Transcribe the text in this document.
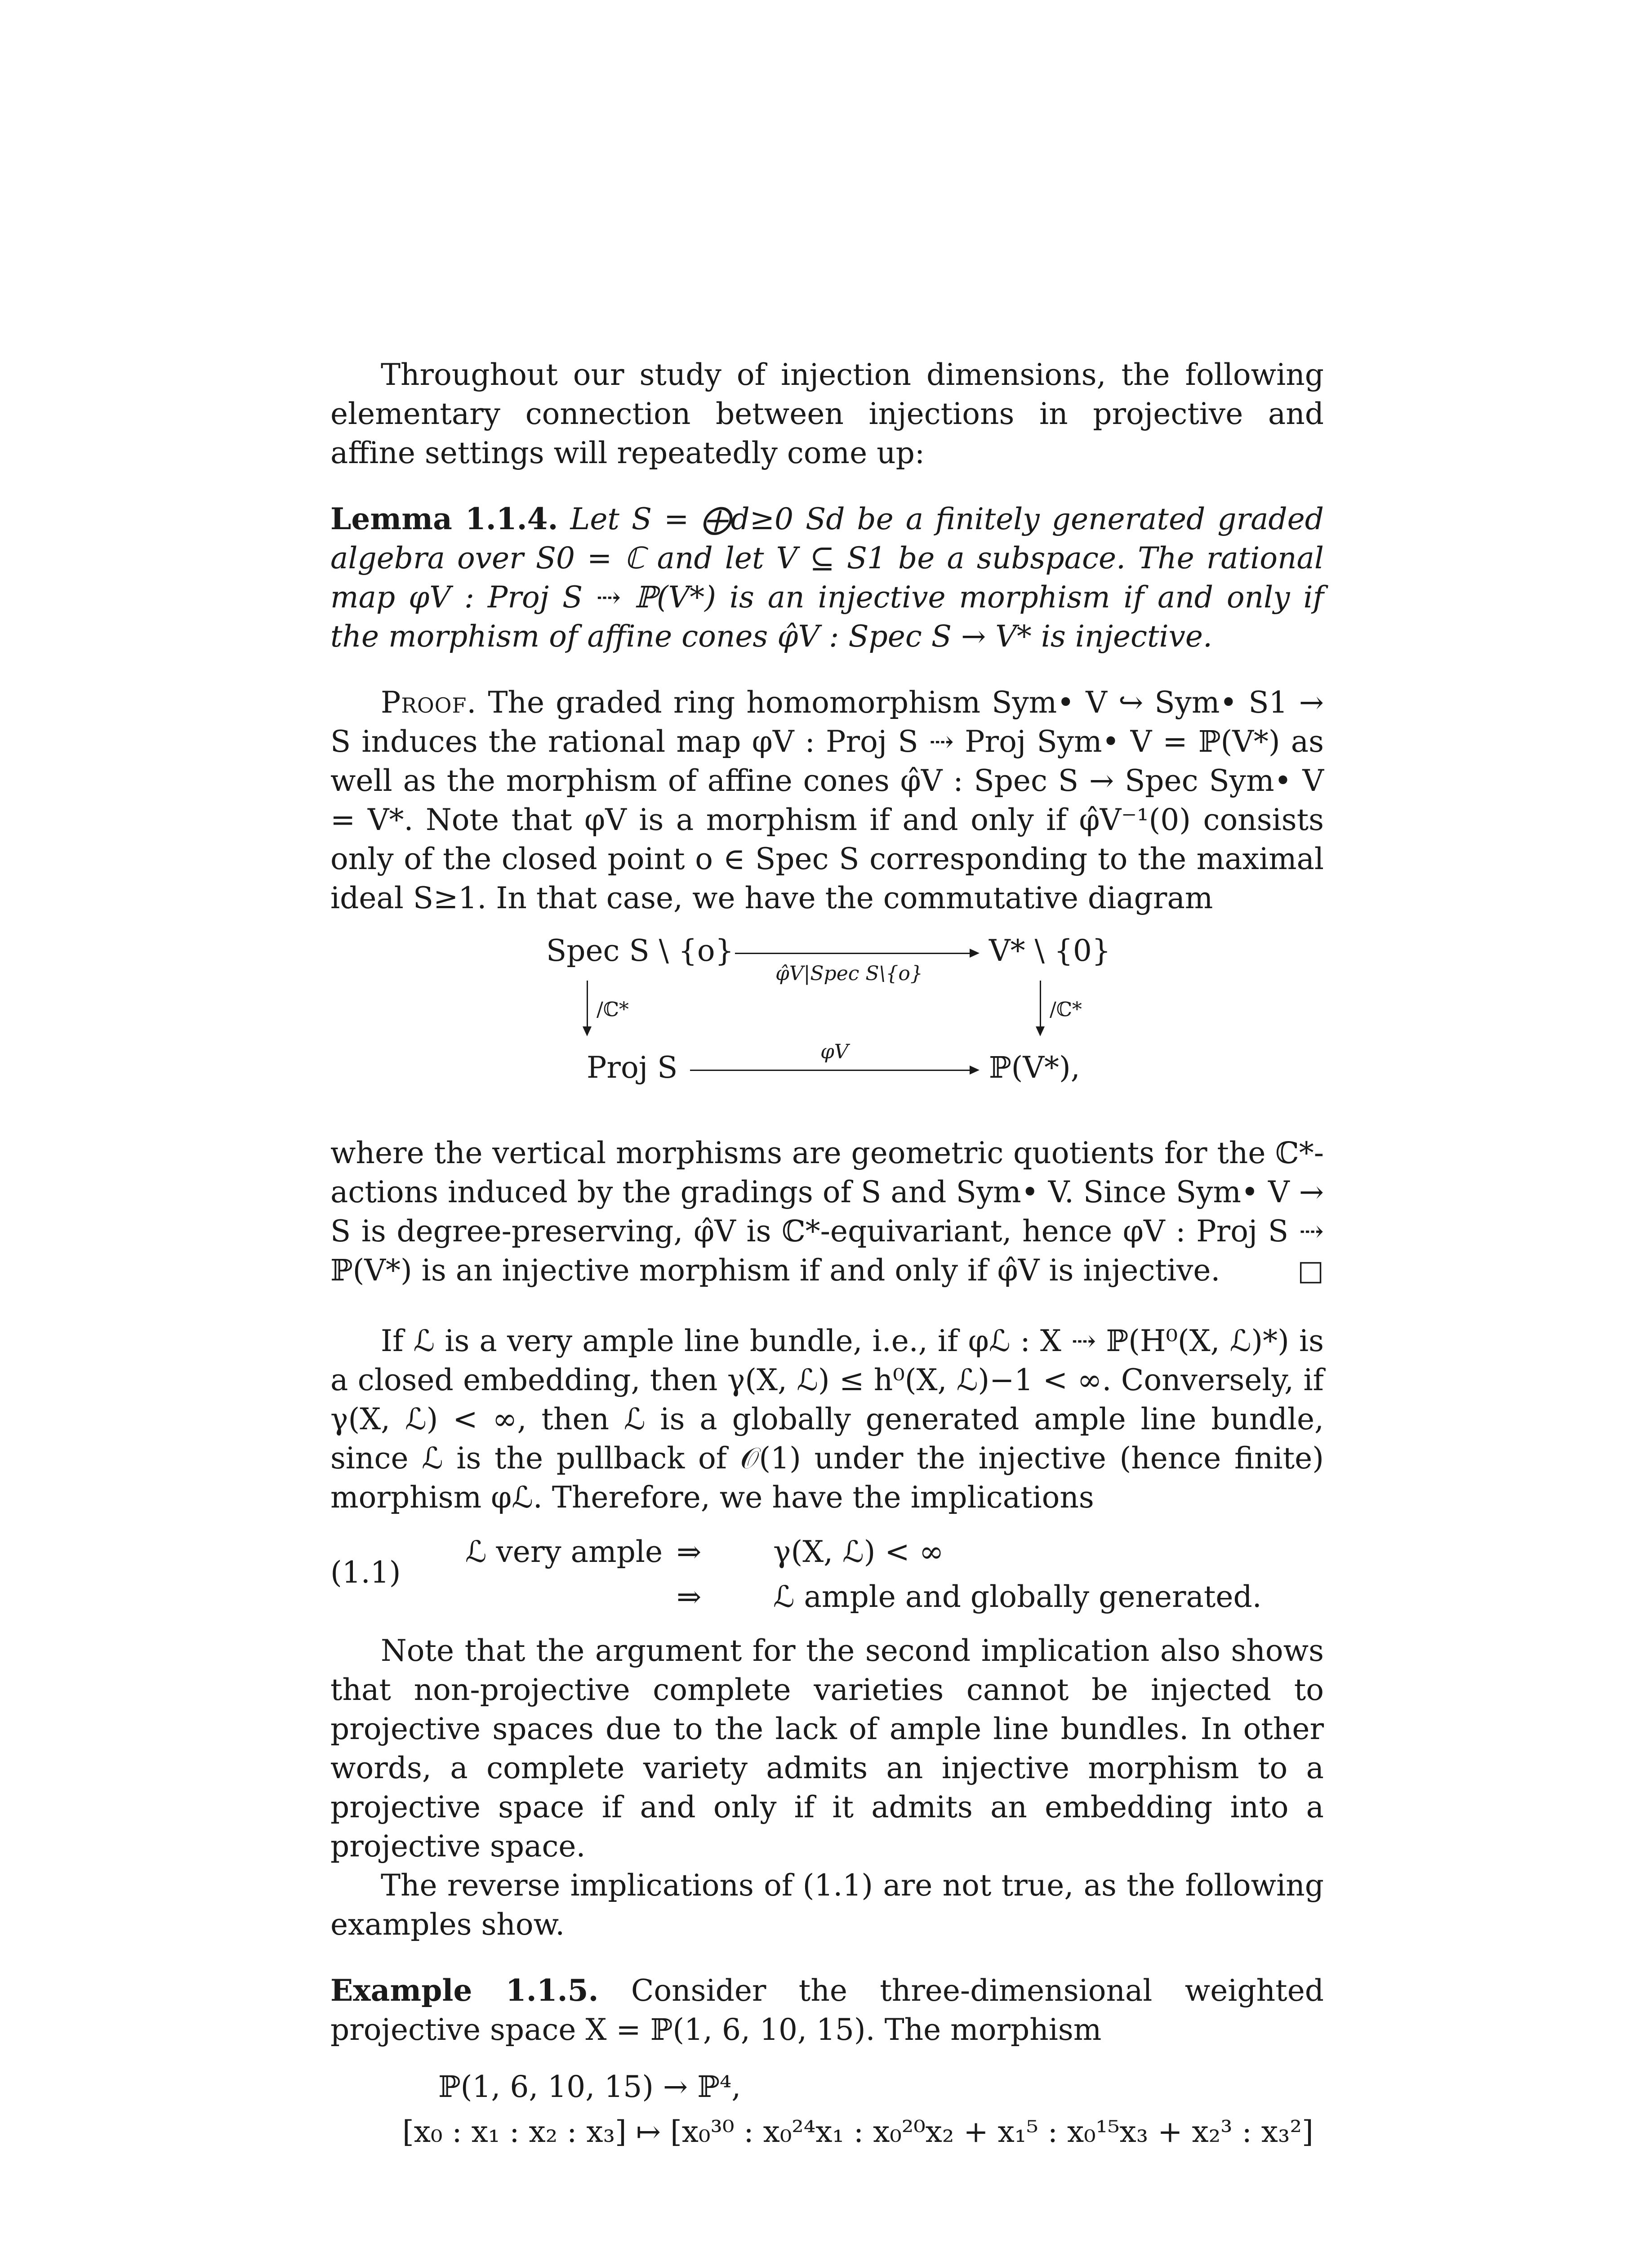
Throughout our study of injection dimensions, the following elementary connection between injections in projective and affine settings will repeatedly come up:

Lemma 1.1.4. Let S = ⨁d≥0 Sd be a finitely generated graded algebra over S0 = ℂ and let V ⊆ S1 be a subspace. The rational map φV : Proj S ⇢ ℙ(V*) is an injective morphism if and only if the morphism of affine cones φ̂V : Spec S → V* is injective.

Proof. The graded ring homomorphism Sym• V ↪ Sym• S1 → S induces the rational map φV : Proj S ⇢ Proj Sym• V = ℙ(V*) as well as the morphism of affine cones φ̂V : Spec S → Spec Sym• V = V*. Note that φV is a morphism if and only if φ̂V⁻¹(0) consists only of the closed point o ∈ Spec S corresponding to the maximal ideal S≥1. In that case, we have the commutative diagram

Spec S \ {o}	V* \ {0}
Proj S	ℙ(V*),
φ̂V|Spec S\{o}
φV
/ℂ*	/ℂ*

where the vertical morphisms are geometric quotients for the ℂ*-actions induced by the gradings of S and Sym• V. Since Sym• V → S is degree-preserving, φ̂V is ℂ*-equivariant, hence φV : Proj S ⇢ ℙ(V*) is an injective morphism if and only if φ̂V is injective.	□

If ℒ is a very ample line bundle, i.e., if φℒ : X ⇢ ℙ(H⁰(X, ℒ)*) is a closed embedding, then γ(X, ℒ) ≤ h⁰(X, ℒ)−1 < ∞. Conversely, if γ(X, ℒ) < ∞, then ℒ is a globally generated ample line bundle, since ℒ is the pullback of 𝒪(1) under the injective (hence finite) morphism φℒ. Therefore, we have the implications

(1.1)
ℒ very ample ⇒ γ(X, ℒ) < ∞
⇒ ℒ ample and globally generated.

Note that the argument for the second implication also shows that non-projective complete varieties cannot be injected to projective spaces due to the lack of ample line bundles. In other words, a complete variety admits an injective morphism to a projective space if and only if it admits an embedding into a projective space.

The reverse implications of (1.1) are not true, as the following examples show.

Example 1.1.5. Consider the three-dimensional weighted projective space X = ℙ(1, 6, 10, 15). The morphism

ℙ(1, 6, 10, 15) → ℙ⁴,
[x₀ : x₁ : x₂ : x₃] ↦ [x₀³⁰ : x₀²⁴x₁ : x₀²⁰x₂ + x₁⁵ : x₀¹⁵x₃ + x₂³ : x₃²]
